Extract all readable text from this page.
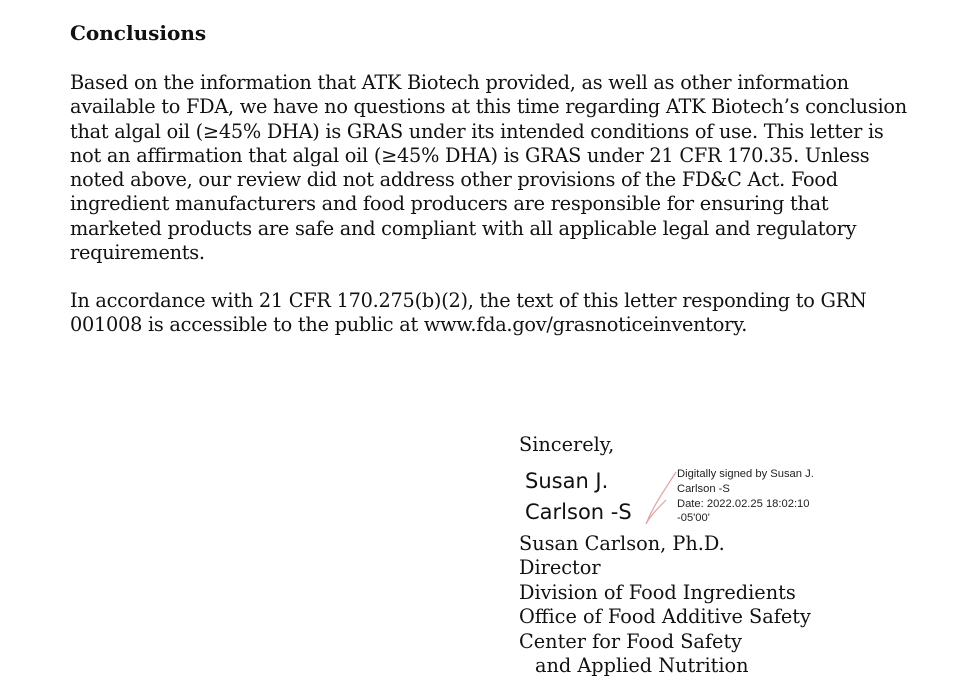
Conclusions
Based on the information that ATK Biotech provided, as well as other information
available to FDA, we have no questions at this time regarding ATK Biotech’s conclusion
that algal oil (≥45% DHA) is GRAS under its intended conditions of use. This letter is
not an affirmation that algal oil (≥45% DHA) is GRAS under 21 CFR 170.35. Unless
noted above, our review did not address other provisions of the FD&C Act. Food
ingredient manufacturers and food producers are responsible for ensuring that
marketed products are safe and compliant with all applicable legal and regulatory
requirements.
In accordance with 21 CFR 170.275(b)(2), the text of this letter responding to GRN
001008 is accessible to the public at www.fda.gov/grasnoticeinventory.
Sincerely,
Susan J.
Carlson -S
Digitally signed by Susan J.
Carlson -S
Date: 2022.02.25 18:02:10
-05'00'
Susan Carlson, Ph.D.
Director
Division of Food Ingredients
Office of Food Additive Safety
Center for Food Safety
and Applied Nutrition
